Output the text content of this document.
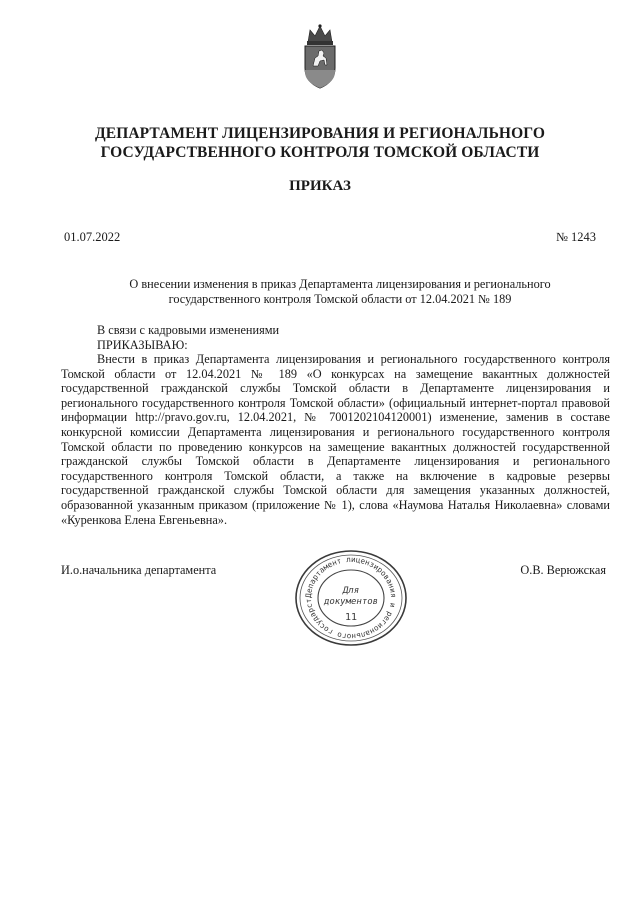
ДЕПАРТАМЕНТ ЛИЦЕНЗИРОВАНИЯ И РЕГИОНАЛЬНОГО
ГОСУДАРСТВЕННОГО КОНТРОЛЯ ТОМСКОЙ ОБЛАСТИ
ПРИКАЗ
01.07.2022	№ 1243
О внесении изменения в приказ Департамента лицензирования и регионального
государственного контроля Томской области от 12.04.2021 № 189
В связи с кадровыми изменениями
ПРИКАЗЫВАЮ:
Внести в приказ Департамента лицензирования и регионального государственного контроля Томской области от 12.04.2021 № 189 «О конкурсах на замещение вакантных должностей государственной гражданской службы Томской области в Департаменте лицензирования и регионального государственного контроля Томской области» (официальный интернет-портал правовой информации http://pravo.gov.ru, 12.04.2021, № 7001202104120001) изменение, заменив в составе конкурсной комиссии Департамента лицензирования и регионального государственного контроля Томской области по проведению конкурсов на замещение вакантных должностей государственной гражданской службы Томской области в Департаменте лицензирования и регионального государственного контроля Томской области, а также на включение в кадровые резервы государственной гражданской службы Томской области для замещения указанных должностей, образованной указанным приказом (приложение № 1), слова «Наумова Наталья Николаевна» словами «Куренкова Елена Евгеньевна».
И.о.начальника департамента	О.В. Верюжская
Департамент лицензирования и регионального государст
Для
документов
11
